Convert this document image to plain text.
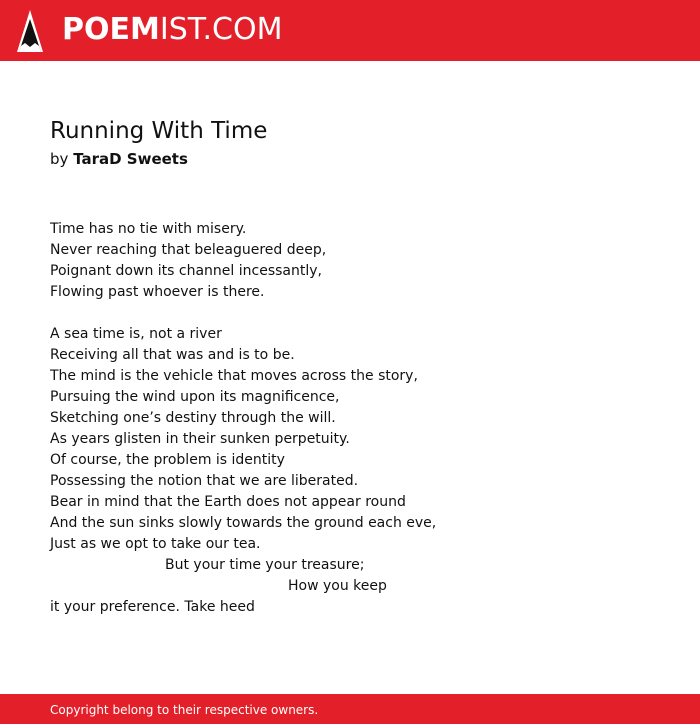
POEMIST.COM
Running With Time
by TaraD Sweets
Time has no tie with misery.
Never reaching that beleaguered deep,
Poignant down its channel incessantly,
Flowing past whoever is there.
A sea time is, not a river
Receiving all that was and is to be.
The mind is the vehicle that moves across the story,
Pursuing the wind upon its magnificence,
Sketching one’s destiny through the will.
As years glisten in their sunken perpetuity.
Of course, the problem is identity
Possessing the notion that we are liberated.
Bear in mind that the Earth does not appear round
And the sun sinks slowly towards the ground each eve,
Just as we opt to take our tea.
But your time your treasure;
How you keep
it your preference. Take heed
Copyright belong to their respective owners.
